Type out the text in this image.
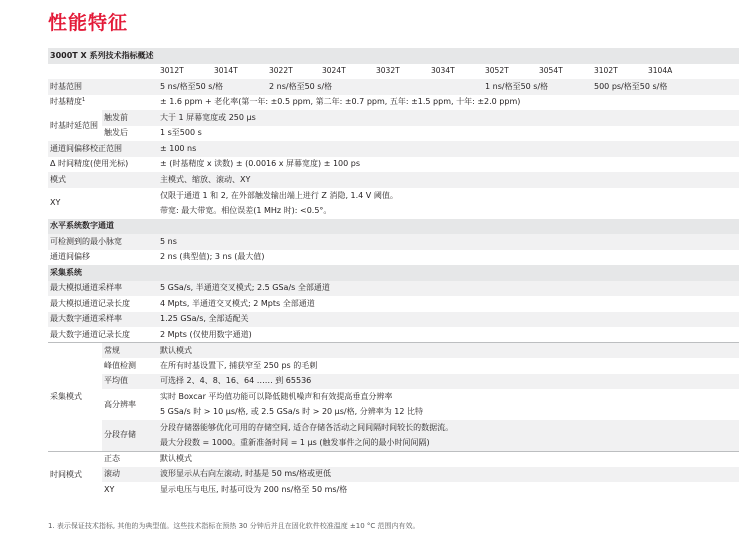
性能特征
3000T X 系列技术指标概述											
		3012T	3014T	3022T	3024T	3032T	3034T	3052T	3054T	3102T	3104A
时基范围		5 ns/格至50 s/格		2 ns/格至50 s/格				1 ns/格至50 s/格		500 ps/格至50 s/格	
时基精度$^1$		± 1.6 ppm + 老化率(第一年: ±0.5 ppm, 第二年: ±0.7 ppm, 五年: ±1.5 ppm, 十年: ±2.0 ppm)									
时基时延范围	触发前	大于 1 屏幕宽度或 250 µs									
	触发后	1 s至500 s									
通道间偏移校正范围		± 100 ns									
Δ 时间精度(使用光标)		± (时基精度 x 读数) ± (0.0016 x 屏幕宽度) ± 100 ps									
模式		主模式、缩放、滚动、XY									
XY		仅限于通道 1 和 2, 在外部触发输出端上进行 Z 消隐, 1.4 V 阈值。
带宽: 最大带宽。相位误差(1 MHz 时): <0.5°。									

水平系统数字通道											
可检测到的最小脉宽		5 ns									
通道间偏移		2 ns (典型值); 3 ns (最大值)									
采集系统											
最大模拟通道采样率		5 GSa/s, 半通道交叉模式; 2.5 GSa/s 全部通道									
最大模拟通道记录长度		4 Mpts, 半通道交叉模式; 2 Mpts 全部通道									
最大数字通道采样率		1.25 GSa/s, 全部适配关									
最大数字通道记录长度		2 Mpts (仅使用数字通道)									
采集模式	常规	默认模式									
	峰值检测	在所有时基设置下, 捕获窄至 250 ps 的毛刺									
	平均值	可选择 2、4、8、16、64 …… 到 65536									
	高分辨率	实时 Boxcar 平均值功能可以降低随机噪声和有效提高垂直分辨率
5 GSa/s 时 > 10 µs/格, 或 2.5 GSa/s 时 > 20 µs/格, 分辨率为 12 比特									

	分段存储	分段存储器能够优化可用的存储空间, 适合存储各活动之间间隔时间较长的数据流。
最大分段数 = 1000。重新准备时间 = 1 µs (触发事件之间的最小时间间隔)									

时间模式	正态	默认模式									
	滚动	波形显示从右向左滚动, 时基是 50 ms/格或更低									
	XY	显示电压与电压, 时基可设为 200 ns/格至 50 ms/格									
1. 表示保证技术指标, 其他的为典型值。这些技术指标在预热 30 分钟后并且在固化软件校准温度 ±10 °C 范围内有效。
